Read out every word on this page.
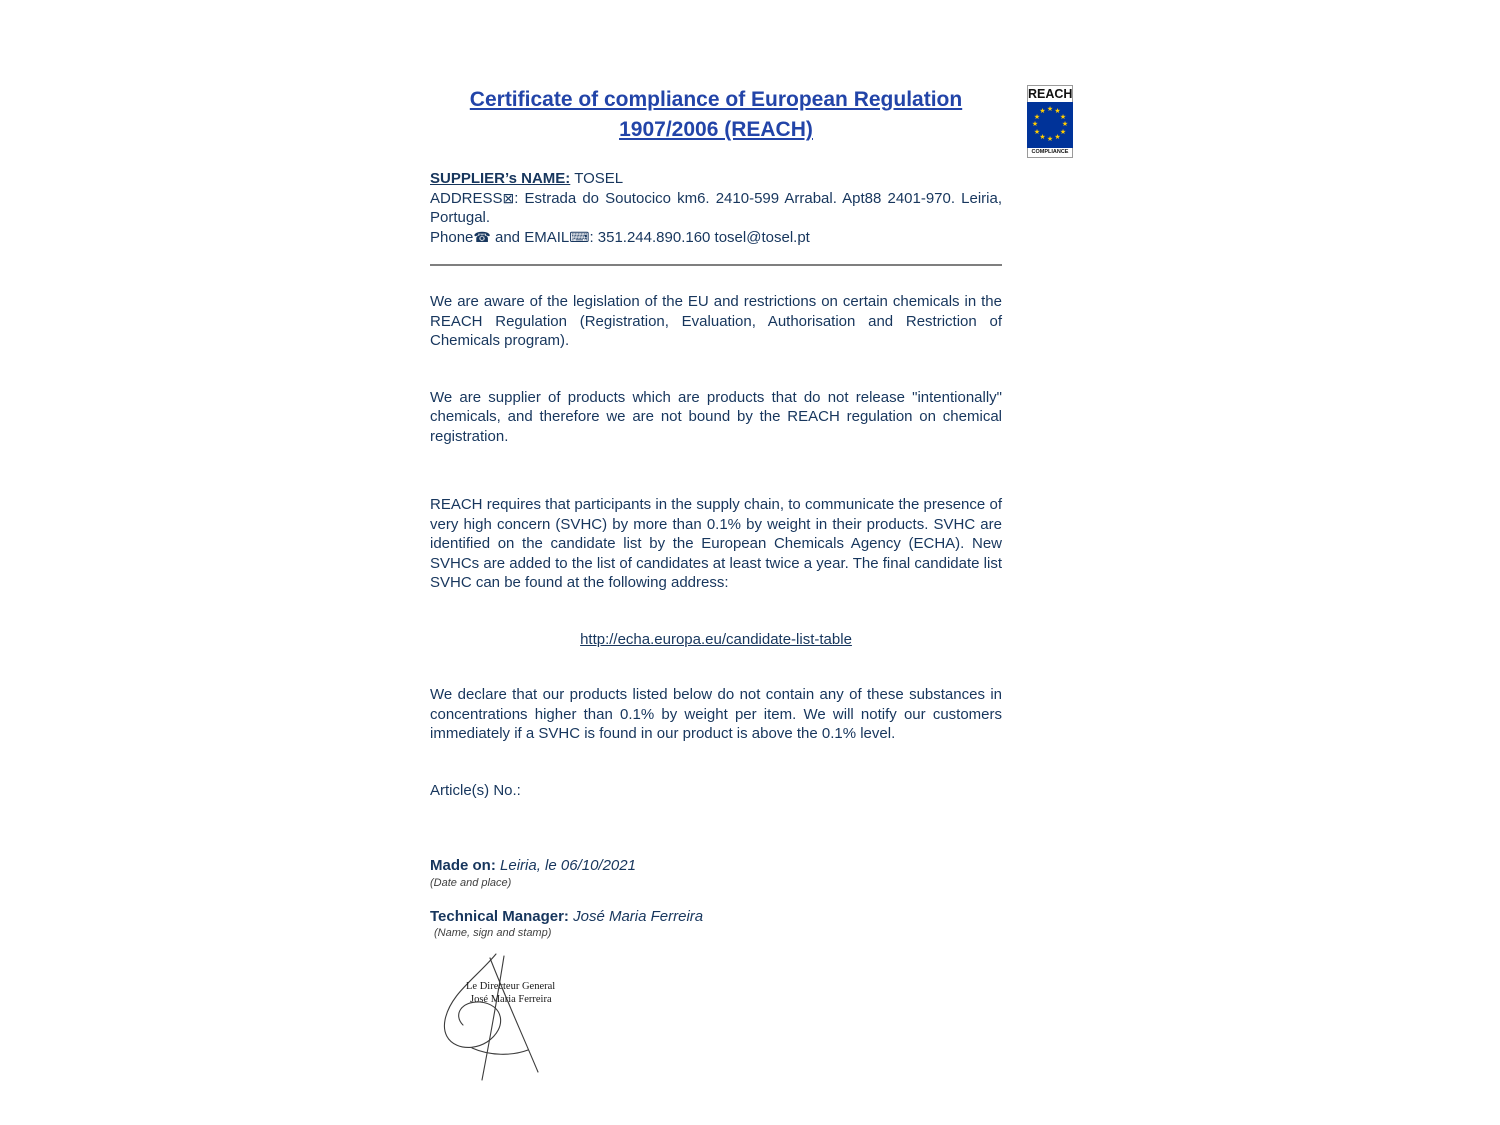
REACH
★ ★
★
★
★
★
★
★
★
★
★
★
COMPLIANCE
Certificate of compliance of European Regulation
1907/2006 (REACH)

SUPPLIER’s NAME: TOSEL

ADDRESS⊠: Estrada do Soutocico km6. 2410-599 Arrabal. Apt88 2401-970. Leiria, Portugal.

Phone☎ and EMAIL⌨: 351.244.890.160 tosel@tosel.pt

We are aware of the legislation of the EU and restrictions on certain chemicals in the REACH Regulation (Registration, Evaluation, Authorisation and Restriction of Chemicals program).

We are supplier of products which are products that do not release "intentionally" chemicals, and therefore we are not bound by the REACH regulation on chemical registration.

REACH requires that participants in the supply chain, to communicate the presence of very high concern (SVHC) by more than 0.1% by weight in their products. SVHC are identified on the candidate list by the European Chemicals Agency (ECHA). New SVHCs are added to the list of candidates at least twice a year. The final candidate list SVHC can be found at the following address:

http://echa.europa.eu/candidate-list-table

We declare that our products listed below do not contain any of these substances in concentrations higher than 0.1% by weight per item. We will notify our customers immediately if a SVHC is found in our product is above the 0.1% level.

Article(s) No.:

Made on: Leiria, le 06/10/2021

(Date and place)

Technical Manager: José Maria Ferreira

(Name, sign and stamp)

Le Directeur General
José Maria Ferreira
